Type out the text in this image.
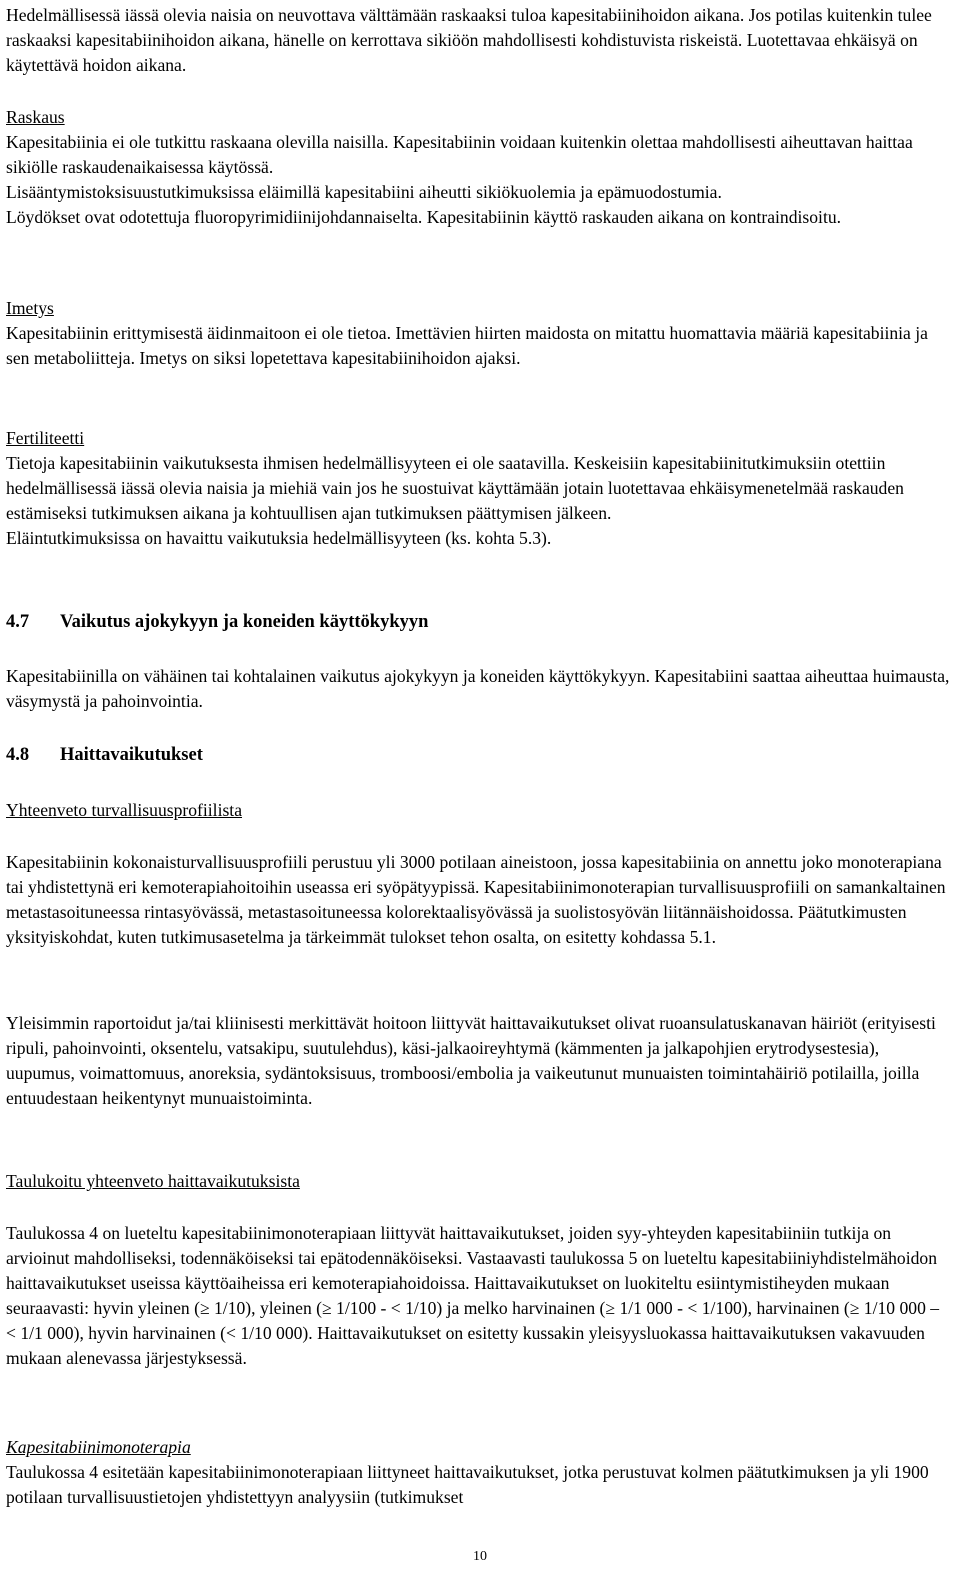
Hedelmällisessä iässä olevia naisia on neuvottava välttämään raskaaksi tuloa kapesitabiinihoidon aikana. Jos potilas kuitenkin tulee raskaaksi kapesitabiinihoidon aikana, hänelle on kerrottava sikiöön mahdollisesti kohdistuvista riskeistä. Luotettavaa ehkäisyä on käytettävä hoidon aikana.

Raskaus

Kapesitabiinia ei ole tutkittu raskaana olevilla naisilla. Kapesitabiinin voidaan kuitenkin olettaa mahdollisesti aiheuttavan haittaa sikiölle raskaudenaikaisessa käytössä.

Lisääntymistoksisuustutkimuksissa eläimillä kapesitabiini aiheutti sikiökuolemia ja epämuodostumia.

Löydökset ovat odotettuja fluoropyrimidiinijohdannaiselta. Kapesitabiinin käyttö raskauden aikana on kontraindisoitu.

Imetys

Kapesitabiinin erittymisestä äidinmaitoon ei ole tietoa. Imettävien hiirten maidosta on mitattu huomattavia määriä kapesitabiinia ja sen metaboliitteja. Imetys on siksi lopetettava kapesitabiinihoidon ajaksi.

Fertiliteetti

Tietoja kapesitabiinin vaikutuksesta ihmisen hedelmällisyyteen ei ole saatavilla. Keskeisiin kapesitabiinitutkimuksiin otettiin hedelmällisessä iässä olevia naisia ja miehiä vain jos he suostuivat käyttämään jotain luotettavaa ehkäisymenetelmää raskauden estämiseksi tutkimuksen aikana ja kohtuullisen ajan tutkimuksen päättymisen jälkeen.

Eläintutkimuksissa on havaittu vaikutuksia hedelmällisyyteen (ks. kohta 5.3).

4.7 Vaikutus ajokykyyn ja koneiden käyttökykyyn

Kapesitabiinilla on vähäinen tai kohtalainen vaikutus ajokykyyn ja koneiden käyttökykyyn. Kapesitabiini saattaa aiheuttaa huimausta, väsymystä ja pahoinvointia.

4.8 Haittavaikutukset

Yhteenveto turvallisuusprofiilista

Kapesitabiinin kokonaisturvallisuusprofiili perustuu yli 3000 potilaan aineistoon, jossa kapesitabiinia on annettu joko monoterapiana tai yhdistettynä eri kemoterapiahoitoihin useassa eri syöpätyypissä. Kapesitabiinimonoterapian turvallisuusprofiili on samankaltainen metastasoituneessa rintasyövässä, metastasoituneessa kolorektaalisyövässä ja suolistosyövän liitännäishoidossa. Päätutkimusten yksityiskohdat, kuten tutkimusasetelma ja tärkeimmät tulokset tehon osalta, on esitetty kohdassa 5.1.

Yleisimmin raportoidut ja/tai kliinisesti merkittävät hoitoon liittyvät haittavaikutukset olivat ruoansulatuskanavan häiriöt (erityisesti ripuli, pahoinvointi, oksentelu, vatsakipu, suutulehdus), käsi-jalkaoireyhtymä (kämmenten ja jalkapohjien erytrodysestesia), uupumus, voimattomuus, anoreksia, sydäntoksisuus, tromboosi/embolia ja vaikeutunut munuaisten toimintahäiriö potilailla, joilla entuudestaan heikentynyt munuaistoiminta.

Taulukoitu yhteenveto haittavaikutuksista

Taulukossa 4 on lueteltu kapesitabiinimonoterapiaan liittyvät haittavaikutukset, joiden syy-yhteyden kapesitabiiniin tutkija on arvioinut mahdolliseksi, todennäköiseksi tai epätodennäköiseksi. Vastaavasti taulukossa 5 on lueteltu kapesitabiiniyhdistelmähoidon haittavaikutukset useissa käyttöaiheissa eri kemoterapiahoidoissa. Haittavaikutukset on luokiteltu esiintymistiheyden mukaan seuraavasti: hyvin yleinen (≥ 1/10), yleinen (≥ 1/100 - < 1/10) ja melko harvinainen (≥ 1/1 000 - < 1/100), harvinainen (≥ 1/10 000 – < 1/1 000), hyvin harvinainen (< 1/10 000). Haittavaikutukset on esitetty kussakin yleisyysluokassa haittavaikutuksen vakavuuden mukaan alenevassa järjestyksessä.

Kapesitabiinimonoterapia

Taulukossa 4 esitetään kapesitabiinimonoterapiaan liittyneet haittavaikutukset, jotka perustuvat kolmen päätutkimuksen ja yli 1900 potilaan turvallisuustietojen yhdistettyyn analyysiin (tutkimukset

10
